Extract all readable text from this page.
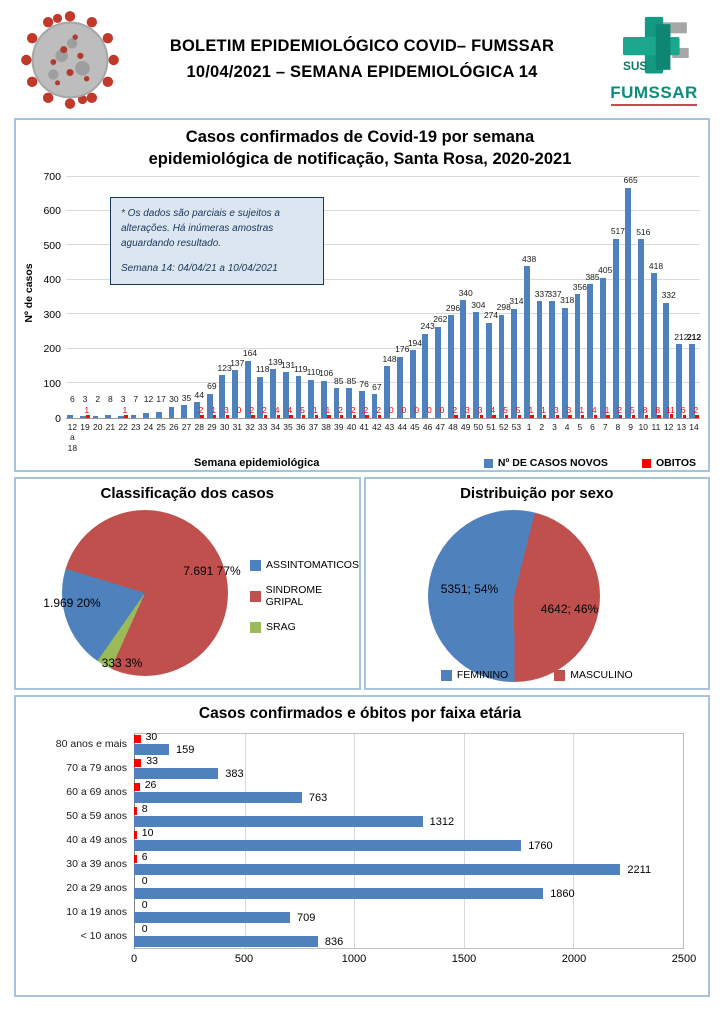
BOLETIM EPIDEMIOLÓGICO COVID– FUMSSAR
10/04/2021 – SEMANA EPIDEMIOLÓGICA 14	SUS
FUMSSAR
Casos confirmados de Covid-19 por semana
epidemiológica de notificação, Santa Rosa, 2020-2021
Nº de casos
0
100
200
300
400
500
600
700

* Os dados são parciais e sujeitos a alterações. Há inúmeras amostras aguardando resultado.

Semana 14: 04/04/21 a 10/04/2021

6 3
1
2 8 3
1
7 12 17 30 35 44
2
69
1
123
3
137
0
164
2
118
2
139
4
131
4
119
5
110
1
106
1
85
2
85
2
76
2
67
2
148
0
176
0
194
0
243
0
262
0
296
2
340
3
304
3
274
4
298
5
314
5
438
1
337
1
337
3
318
3
356
1
385
4
405
1
517
2
665
5
516
8
418
8
332
11
212
6
212
2
12
a
18
19 20 21 22 23 24 25 26 27 28 29 30 31 32 33 34 35 36 37 38 39 40 41 42 43 44 45 46 47 48 49 50 51 52 53 1 2 3 4 5 6 7 8 9 10 11 12 13 14
Semana epidemiológica	Nº DE CASOS NOVOS	OBITOS
Classificação dos casos
7.691 77%
1.969 20%
333 3%
ASSINTOMATICOS
SINDROME GRIPAL
SRAG
Distribuição por sexo
5351; 54%
4642; 46%
FEMININO	MASCULINO
Casos confirmados e óbitos por faixa etária
80 anos e mais
30
159
70 a 79 anos
33
383
60 a 69 anos
26
763
50 a 59 anos
8
1312
40 a 49 anos
10
1760
30 a 39 anos
6
2211
20 a 29 anos
0
1860
10 a 19 anos
0
709
< 10 anos
0
836
0	500	1000	1500	2000	2500
